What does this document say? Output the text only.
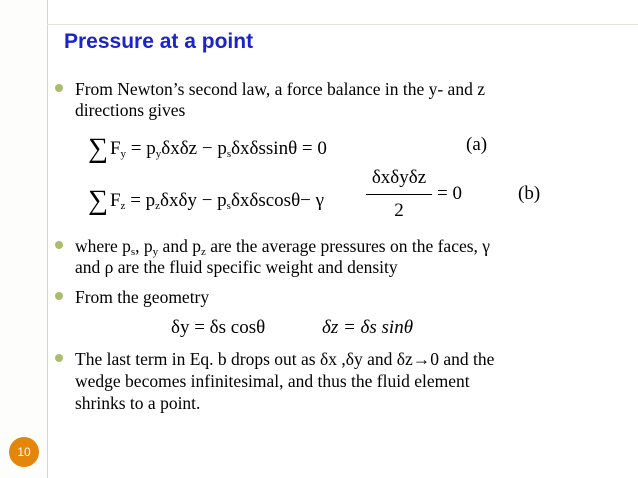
Pressure at a point
From Newton’s second law, a force balance in the y- and z
directions gives
∑ $F_y = p_y\delta x\delta z - p_s\delta x\delta ssin\theta = 0$	(a)
∑ $F_z = p_z\delta x\delta y - p_s\delta x\delta scos\theta- \gamma$
δxδyδz
2
= 0	(b)
where $p_s$, $p_y$ and $p_z$ are the average pressures on the faces, γ
and ρ are the fluid specific weight and density
From the geometry
δy = δs cosθ	δz = δs sinθ
The last term in Eq. b drops out as δx ,δy and δz→0 and the
wedge becomes infinitesimal, and thus the fluid element
shrinks to a point.
10
